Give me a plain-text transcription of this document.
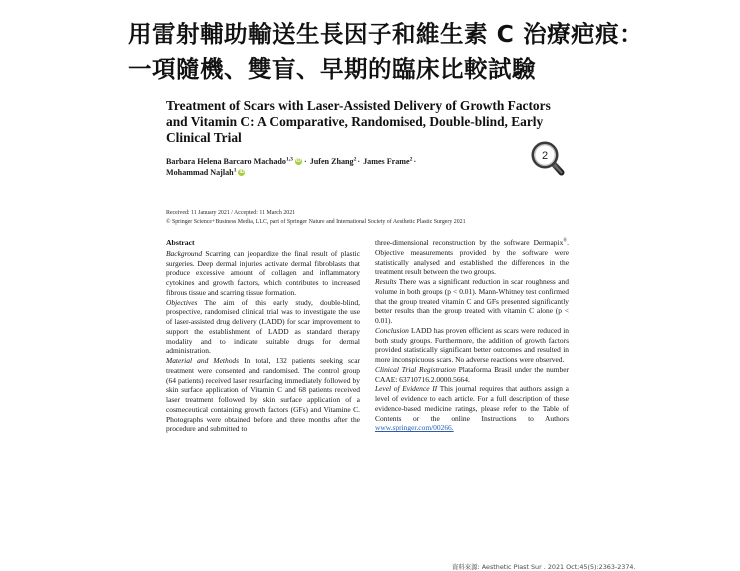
用雷射輔助輸送生長因子和維生素 C 治療疤痕：
一項隨機、雙盲、早期的臨床比較試驗
Treatment of Scars with Laser-Assisted Delivery of Growth Factors and Vitamin C: A Comparative, Randomised, Double-blind, Early Clinical Trial
Barbara Helena Barcaro Machado$^{1,3}$ iD · Jufen Zhang$^2$· James Frame$^2$·
Mohammad Najlah$^1$iD
Received: 11 January 2021 / Accepted: 11 March 2021
© Springer Science+Business Media, LLC, part of Springer Nature and International Society of Aesthetic Plastic Surgery 2021
Abstract

Background Scarring can jeopardize the final result of plastic surgeries. Deep dermal injuries activate dermal fibroblasts that produce excessive amount of collagen and inflammatory cytokines and growth factors, which contributes to increased fibrous tissue and scarring tissue formation.

Objectives The aim of this early study, double-blind, prospective, randomised clinical trial was to investigate the use of laser-assisted drug delivery (LADD) for scar improvement to support the establishment of LADD as standard therapy modality and to indicate suitable drugs for dermal administration.

Material and Methods In total, 132 patients seeking scar treatment were consented and randomised. The control group (64 patients) received laser resurfacing immediately followed by skin surface application of Vitamin C and 68 patients received laser treatment followed by skin surface application of a cosmeceutical containing growth factors (GFs) and Vitamine C. Photographs were obtained before and three months after the procedure and submitted to

three-dimensional reconstruction by the software Dermapix®. Objective measurements provided by the software were statistically analysed and established the differences in the treatment result between the two groups.

Results There was a significant reduction in scar roughness and volume in both groups (p < 0.01). Mann-Whitney test confirmed that the group treated vitamin C and GFs presented significantly better results than the group treated with vitamin C alone (p < 0.01).

Conclusion LADD has proven efficient as scars were reduced in both study groups. Furthermore, the addition of growth factors provided statistically significant better outcomes and resulted in more inconspicuous scars. No adverse reactions were observed.

Clinical Trial Registration Plataforma Brasil under the number CAAE: 63710716.2.0000.5664.

Level of Evidence II This journal requires that authors assign a level of evidence to each article. For a full description of these evidence-based medicine ratings, please refer to the Table of Contents or the online Instructions to Authors www.springer.com/00266.

資料來源: Aesthetic Plast Sur . 2021 Oct;45(5):2363-2374.
2
